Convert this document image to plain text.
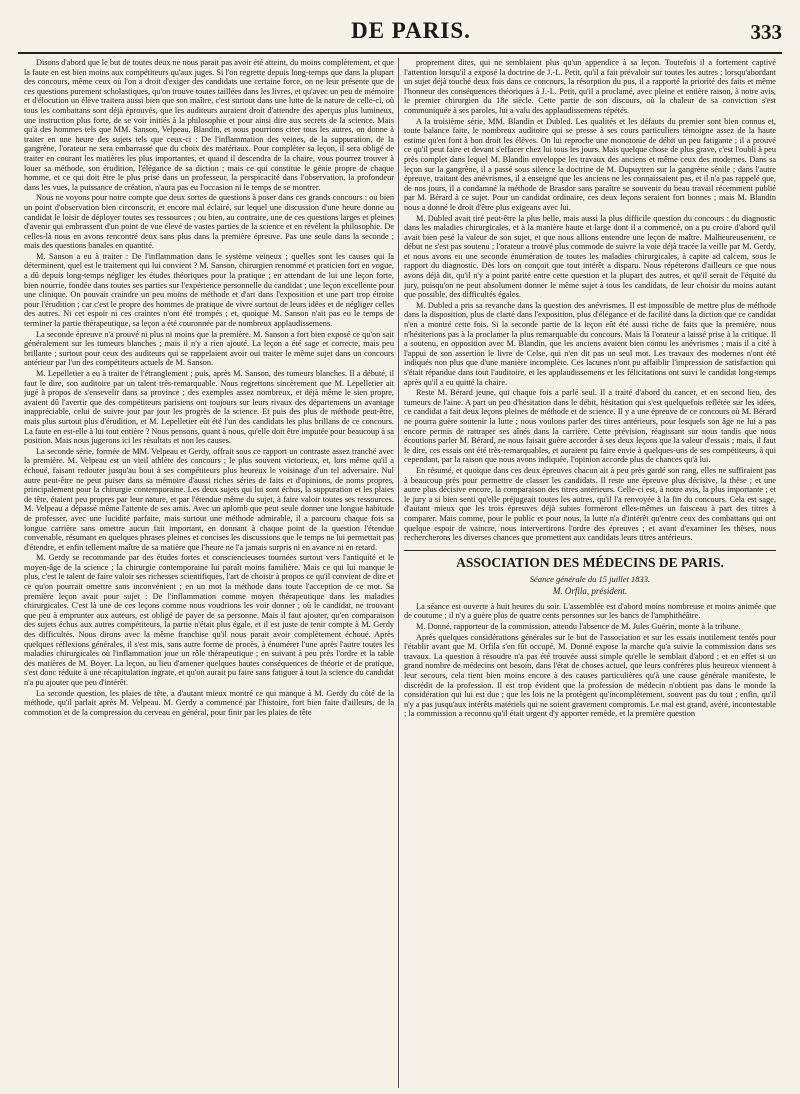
DE PARIS.	333

Disons d'abord que le but de toutes deux ne nous parait pas avoir été atteint, du moins complètement, et que la faute en est bien moins aux compétiteurs qu'aux juges. Si l'on regrette depuis long-temps que dans la plupart des concours, même ceux où l'on a droit d'exiger des candidats une certaine force, on ne leur présente que de ces questions purement scholastiques, qu'on trouve toutes taillées dans les livres, et qu'avec un peu de mémoire et d'élocution un élève traitera aussi bien que son maître, c'est surtout dans une lutte de la nature de celle-ci, où tous les combattans sont déjà éprouvés, que les auditeurs auraient droit d'attendre des aperçus plus lumineux, une instruction plus forte, de se voir initiés à la philosophie et pour ainsi dire aux secrets de la science. Mais qu'à des hommes tels que MM. Sanson, Velpeau, Blandin, et nous pourrions citer tous les autres, on donne à traiter en une heure des sujets tels que ceux-ci : De l'inflammation des veines, de la suppuration, de la gangrène, l'orateur ne sera embarrassé que du choix des matériaux. Pour compléter sa leçon, il sera obligé de traiter en courant les matières les plus importantes, et quand il descendra de la chaire, vous pourrez trouver à louer sa méthode, son érudition, l'élégance de sa diction ; mais ce qui constitue le génie propre de chaque homme, et ce qui doit être le plus prisé dans un professeur, la perspicacité dans l'observation, la profondeur dans les vues, la puissance de création, n'aura pas eu l'occasion ni le temps de se montrer.

Nous ne voyons pour notre compte que deux sortes de questions à poser dans ces grands concours : ou bien un point d'observation bien circonscrit, et encore mal éclairé, sur lequel une discussion d'une heure donne au candidat le loisir de déployer toutes ses ressources ; ou bien, au contraire, une de ces questions larges et pleines d'avenir qui embrassent d'un point de vue élevé de vastes parties de la science et en révèlent la philosophie. De celles-là nous en avons rencontré deux sans plus dans la première épreuve. Pas une seule dans la seconde ; mais des questions banales en quantité.

M. Sanson a eu à traiter : De l'inflammation dans le système veineux ; quelles sont les causes qui la déterminent, quel est le traitement qui lui convient ? M. Sanson, chirurgien renommé et praticien fort en vogue, a dû depuis long-temps négliger les études théoriques pour la pratique ; en attendant de lui une leçon forte, bien nourrie, fondée dans toutes ses parties sur l'expérience personnelle du candidat ; une leçon excellente pour une clinique. On pouvait craindre un peu moins de méthode et d'art dans l'exposition et une part trop étroite pour l'érudition ; car c'est le propre des hommes de pratique de vivre surtout de leurs idées et de négliger celles des autres. Ni cet espoir ni ces craintes n'ont été trompés ; et, quoique M. Sanson n'ait pas eu le temps de terminer la partie thérapeutique, sa leçon a été couronnée par de nombreux applaudissemens.

La seconde épreuve n'a prouvé ni plus ni moins que la première. M. Sanson a fort bien exposé ce qu'on sait généralement sur les tumeurs blanches ; mais il n'y a rien ajouté. La leçon a été sage et correcte, mais peu brillante ; surtout pour ceux des auditeurs qui se rappelaient avoir oui traiter le même sujet dans un concours antérieur par l'un des compétiteurs actuels de M. Sanson.

M. Lepelletier a eu à traiter de l'étranglement ; puis, après M. Sanson, des tumeurs blanches. Il a débuté, il faut le dire, son auditoire par un talent très-remarquable. Nous regrettons sincèrement que M. Lepelletier ait jugé à propos de s'ensevelir dans sa province ; des exemples assez nombreux, et déjà même le sien propre, avaient dû l'avertir que des compétiteurs parisiens ont toujours sur leurs rivaux des départemens un avantage inappréciable, celui de suivre jour par jour les progrès de la science. Et puis des plus de méthode peut-être, mais plus surtout plus d'érudition, et M. Lepelletier eût été l'un des candidats les plus brillans de ce concours. La faute en est-elle à lui tout entière ? Nous pensons, quant à nous, qu'elle doit être imputée pour beaucoup à sa position. Mais nous jugerons ici les résultats et non les causes.

La seconde série, formée de MM. Velpeau et Gerdy, offrait sous ce rapport un contraste assez tranché avec la première. M. Velpeau est un vieil athlète des concours ; le plus souvent victorieux, et, lors même qu'il a échoué, faisant redouter jusqu'au bout à ses compétiteurs plus heureux le voisinage d'un tel adversaire. Nul autre peut-être ne peut puiser dans sa mémoire d'aussi riches séries de faits et d'opinions, de noms propres, principalement pour la chirurgie contemporaine. Les deux sujets qui lui sont échus, la suppuration et les plaies de tête, étaient peu propres par leur nature, et par l'étendue même du sujet, à faire valoir toutes ses ressources. M. Velpeau a dépassé même l'attente de ses amis. Avec un aplomb que peut seule donner une longue habitude de professer, avec une lucidité parfaite, mais surtout une méthode admirable, il a parcouru chaque fois sa longue carrière sans omettre aucun fait important, en donnant à chaque point de la question l'étendue convenable, résumant en quelques phrases pleines et concises les discussions que le temps ne lui permettait pas d'étendre, et enfin tellement maître de sa matière que l'heure ne l'a jamais surpris ni en avance ni en retard.

M. Gerdy se recommande par des études fortes et consciencieuses tournées surtout vers l'antiquité et le moyen-âge de la science ; la chirurgie contemporaine lui paraît moins familière. Mais ce qui lui manque le plus, c'est le talent de faire valoir ses richesses scientifiques, l'art de choisir à propos ce qu'il convient de dire et ce qu'on pourrait omettre sans inconvénient ; en un mot la méthode dans toute l'acception de ce mot. Sa première leçon avait pour sujet : De l'inflammation comme moyen thérapeutique dans les maladies chirurgicales. C'est là une de ces leçons comme nous voudrions les voir donner ; où le candidat, ne trouvant que peu à emprunter aux auteurs, est obligé de payer de sa personne. Mais il faut ajouter, qu'en comparaison des sujets échus aux autres compétiteurs, la partie n'était plus égale, et il est juste de tenir compte à M. Gerdy des difficultés. Nous dirons avec la même franchise qu'il nous parait avoir complètement échoué. Après quelques réflexions générales, il s'est mis, sans autre forme de procès, à énumérer l'une après l'autre toutes les maladies chirurgicales où l'inflammation joue un rôle thérapeutique ; en suivant à peu près l'ordre et la table des matières de M. Boyer. La leçon, au lieu d'amener quelques hautes conséquences de théorie et de pratique, s'est donc réduite à une récapitulation ingrate, et qu'on aurait pu faire sans fatiguer à tout la science du candidat n'a pu ajouter que peu d'intérêt.

La seconde question, les plaies de tête, a d'autant mieux montré ce qui manque à M. Gerdy du côté de la méthode, qu'il parlait après M. Velpeau. M. Gerdy a commencé par l'histoire, fort bien faite d'ailleurs, de la commotion et de la compression du cerveau en général, pour finir par les plaies de tête

proprement dites, qui ne semblaient plus qu'un appendice à sa leçon. Toutefois il a fortement captivé l'attention lorsqu'il a exposé la doctrine de J.-L. Petit, qu'il a fait prévaloir sur toutes les autres ; lorsqu'abordant un sujet déjà touché deux fois dans ce concours, la résorption du pus, il a rapporté la priorité des faits et même l'honneur des conséquences théoriques à J.-L. Petit, qu'il a proclamé, avec pleine et entière raison, à notre avis, le premier chirurgien du 18e siècle. Cette partie de son discours, où la chaleur de sa conviction s'est communiquée à ses paroles, lui a valu des applaudissemens répétés.

A la troisième série, MM. Blandin et Dubled. Les qualités et les défauts du premier sont bien connus et, toute balance faite, le nombreux auditoire qui se presse à ses cours particuliers témoigne assez de la haute estime qu'en font à bon droit les élèves. On lui reproche une monotonie de débit un peu fatigante ; il a prouvé ce qu'il peut faire et devant s'effacer chez lui tous les jours. Mais quelque chose de plus grave, c'est l'oubli à peu près complet dans lequel M. Blandin enveloppe les travaux des anciens et même ceux des modernes. Dans sa leçon sur la gangrène, il a passé sous silence la doctrine de M. Dupuytren sur la gangrène sénile ; dans l'autre épreuve, traitant des anévrismes, il a enseigné que les anciens ne les connaissaient pas, et il n'a pas rappelé que, de nos jours, il a condamné la méthode de Brasdor sans paraître se souvenir du beau travail récemment publié par M. Bérard à ce sujet. Pour un candidat ordinaire, ces deux leçons seraient fort bonnes ; mais M. Blandin nous a donné le droit d'être plus exigeans avec lui.

M. Dubled avait tiré peut-être la plus belle, mais aussi la plus difficile question du concours : du diagnostic dans les maladies chirurgicales, et à la manière haute et large dont il a commencé, on a pu croire d'abord qu'il avait bien pesé la valeur de son sujet, et que nous allions entendre une leçon de maître. Malheureusement, ce début ne s'est pas soutenu ; l'orateur a trouvé plus commode de suivre la voie déjà tracée la veille par M. Gerdy, et nous avons eu une seconde énumération de toutes les maladies chirurgicales, à capite ad calcem, sous le rapport du diagnostic. Dès lors on conçoit que tout intérêt a disparu. Nous répéterons d'ailleurs ce que nous avons déjà dit, qu'il n'y a point parité entre cette question et la plupart des autres, et qu'il serait de l'équité du jury, puisqu'on ne peut absolument donner le même sujet à tous les candidats, de leur choisir du moins autant que possible, des difficultés égales.

M. Dubled a pris sa revanche dans la question des anévrismes. Il est impossible de mettre plus de méthode dans la disposition, plus de clarté dans l'exposition, plus d'élégance et de facilité dans la diction que ce candidat n'en a montré cette fois. Si la seconde partie de la leçon eût été aussi riche de faits que la première, nous n'hésiterions pas à la proclamer la plus remarquable du concours. Mais là l'orateur a laissé prise à la critique. Il a soutenu, en opposition avec M. Blandin, que les anciens avaient bien connu les anévrismes ; mais il a cité à l'appui de son assertion le livre de Celse, qui n'en dit pas un seul mot. Les travaux des modernes n'ont été indiqués non plus que d'une manière incomplète. Ces lacunes n'ont pu affaiblir l'impression de satisfaction qui s'était répandue dans tout l'auditoire, et les applaudissemens et les félicitations ont suivi le candidat long-temps après qu'il a eu quitté la chaire.

Reste M. Bérard jeune, qui chaque fois a parlé seul. Il a traité d'abord du cancer, et en second lieu, des tumeurs de l'aine. A part un peu d'hésitation dans le débit, hésitation qui s'est quelquefois reflétée sur les idées, ce candidat a fait deux leçons pleines de méthode et de science. Il y a une épreuve de ce concours où M. Bérard ne pourra guère soutenir la lutte ; nous voulons parler des titres antérieurs, pour lesquels son âge ne lui a pas encore permis de rattraper ses aînés dans la carrière. Cette prévision, réagissant sur nous tandis que nous écoutions parler M. Bérard, ne nous faisait guère accorder à ses deux leçons que la valeur d'essais ; mais, il faut le dire, ces essais ont été très-remarquables, et auraient pu faire envie à quelques-uns de ses compétiteurs, à qui cependant, par la raison que nous avons indiquée, l'opinion accorde plus de chances qu'à lui.

En résumé, et quoique dans ces deux épreuves chacun ait à peu près gardé son rang, elles ne suffiraient pas à beaucoup près pour permettre de classer les candidats. Il reste une épreuve plus décisive, la thèse ; et une autre plus décisive encore, la comparaison des titres antérieurs. Celle-ci est, à notre avis, la plus importante ; et le jury a si bien senti qu'elle préjugeait toutes les autres, qu'il l'a renvoyée à la fin du concours. Cela est sage, d'autant mieux que les trois épreuves déjà subies formeront elles-mêmes un faisceau à part des titres à comparer. Mais comme, pour le public et pour nous, la lutte n'a d'intérêt qu'entre ceux des combattans qui ont quelque espoir de vaincre, nous intervertirons l'ordre des épreuves ; et avant d'examiner les thèses, nous rechercherons les diverses chances que promettent aux candidats leurs titres antérieurs.

ASSOCIATION DES MÉDECINS DE PARIS.
Séance générale du 15 juillet 1833.
M. Orfila, président.

La séance est ouverte à huit heures du soir. L'assemblée est d'abord moins nombreuse et moins animée que de coutume ; il n'y a guère plus de quatre cents personnes sur les bancs de l'amphithéâtre.

M. Donné, rapporteur de la commission, attendu l'absence de M. Jules Guérin, monte à la tribune.

Après quelques considérations générales sur le but de l'association et sur les essais inutilement tentés pour l'établir avant que M. Orfila s'en fût occupé, M. Donné expose la marche qu'a suivie la commission dans ses travaux. La question à résoudre n'a pas été trouvée aussi simple qu'elle le semblait d'abord ; et en effet si un grand nombre de médecins ont besoin, dans l'état de choses actuel, que leurs confrères plus heureux viennent à leur secours, cela tient bien moins encore à des causes particulières qu'à une cause générale manifeste, le discrédit de la profession. Il est trop évident que la profession de médecin n'obtient pas dans le monde la considération qui lui est due ; que les lois ne la protègent qu'incomplètement, souvent pas du tout ; enfin, qu'il n'y a pas jusqu'aux intérêts matériels qui ne soient gravement compromis. Le mal est grand, avéré, incontestable ; la commission a reconnu qu'il était urgent d'y apporter remède, et la première question
